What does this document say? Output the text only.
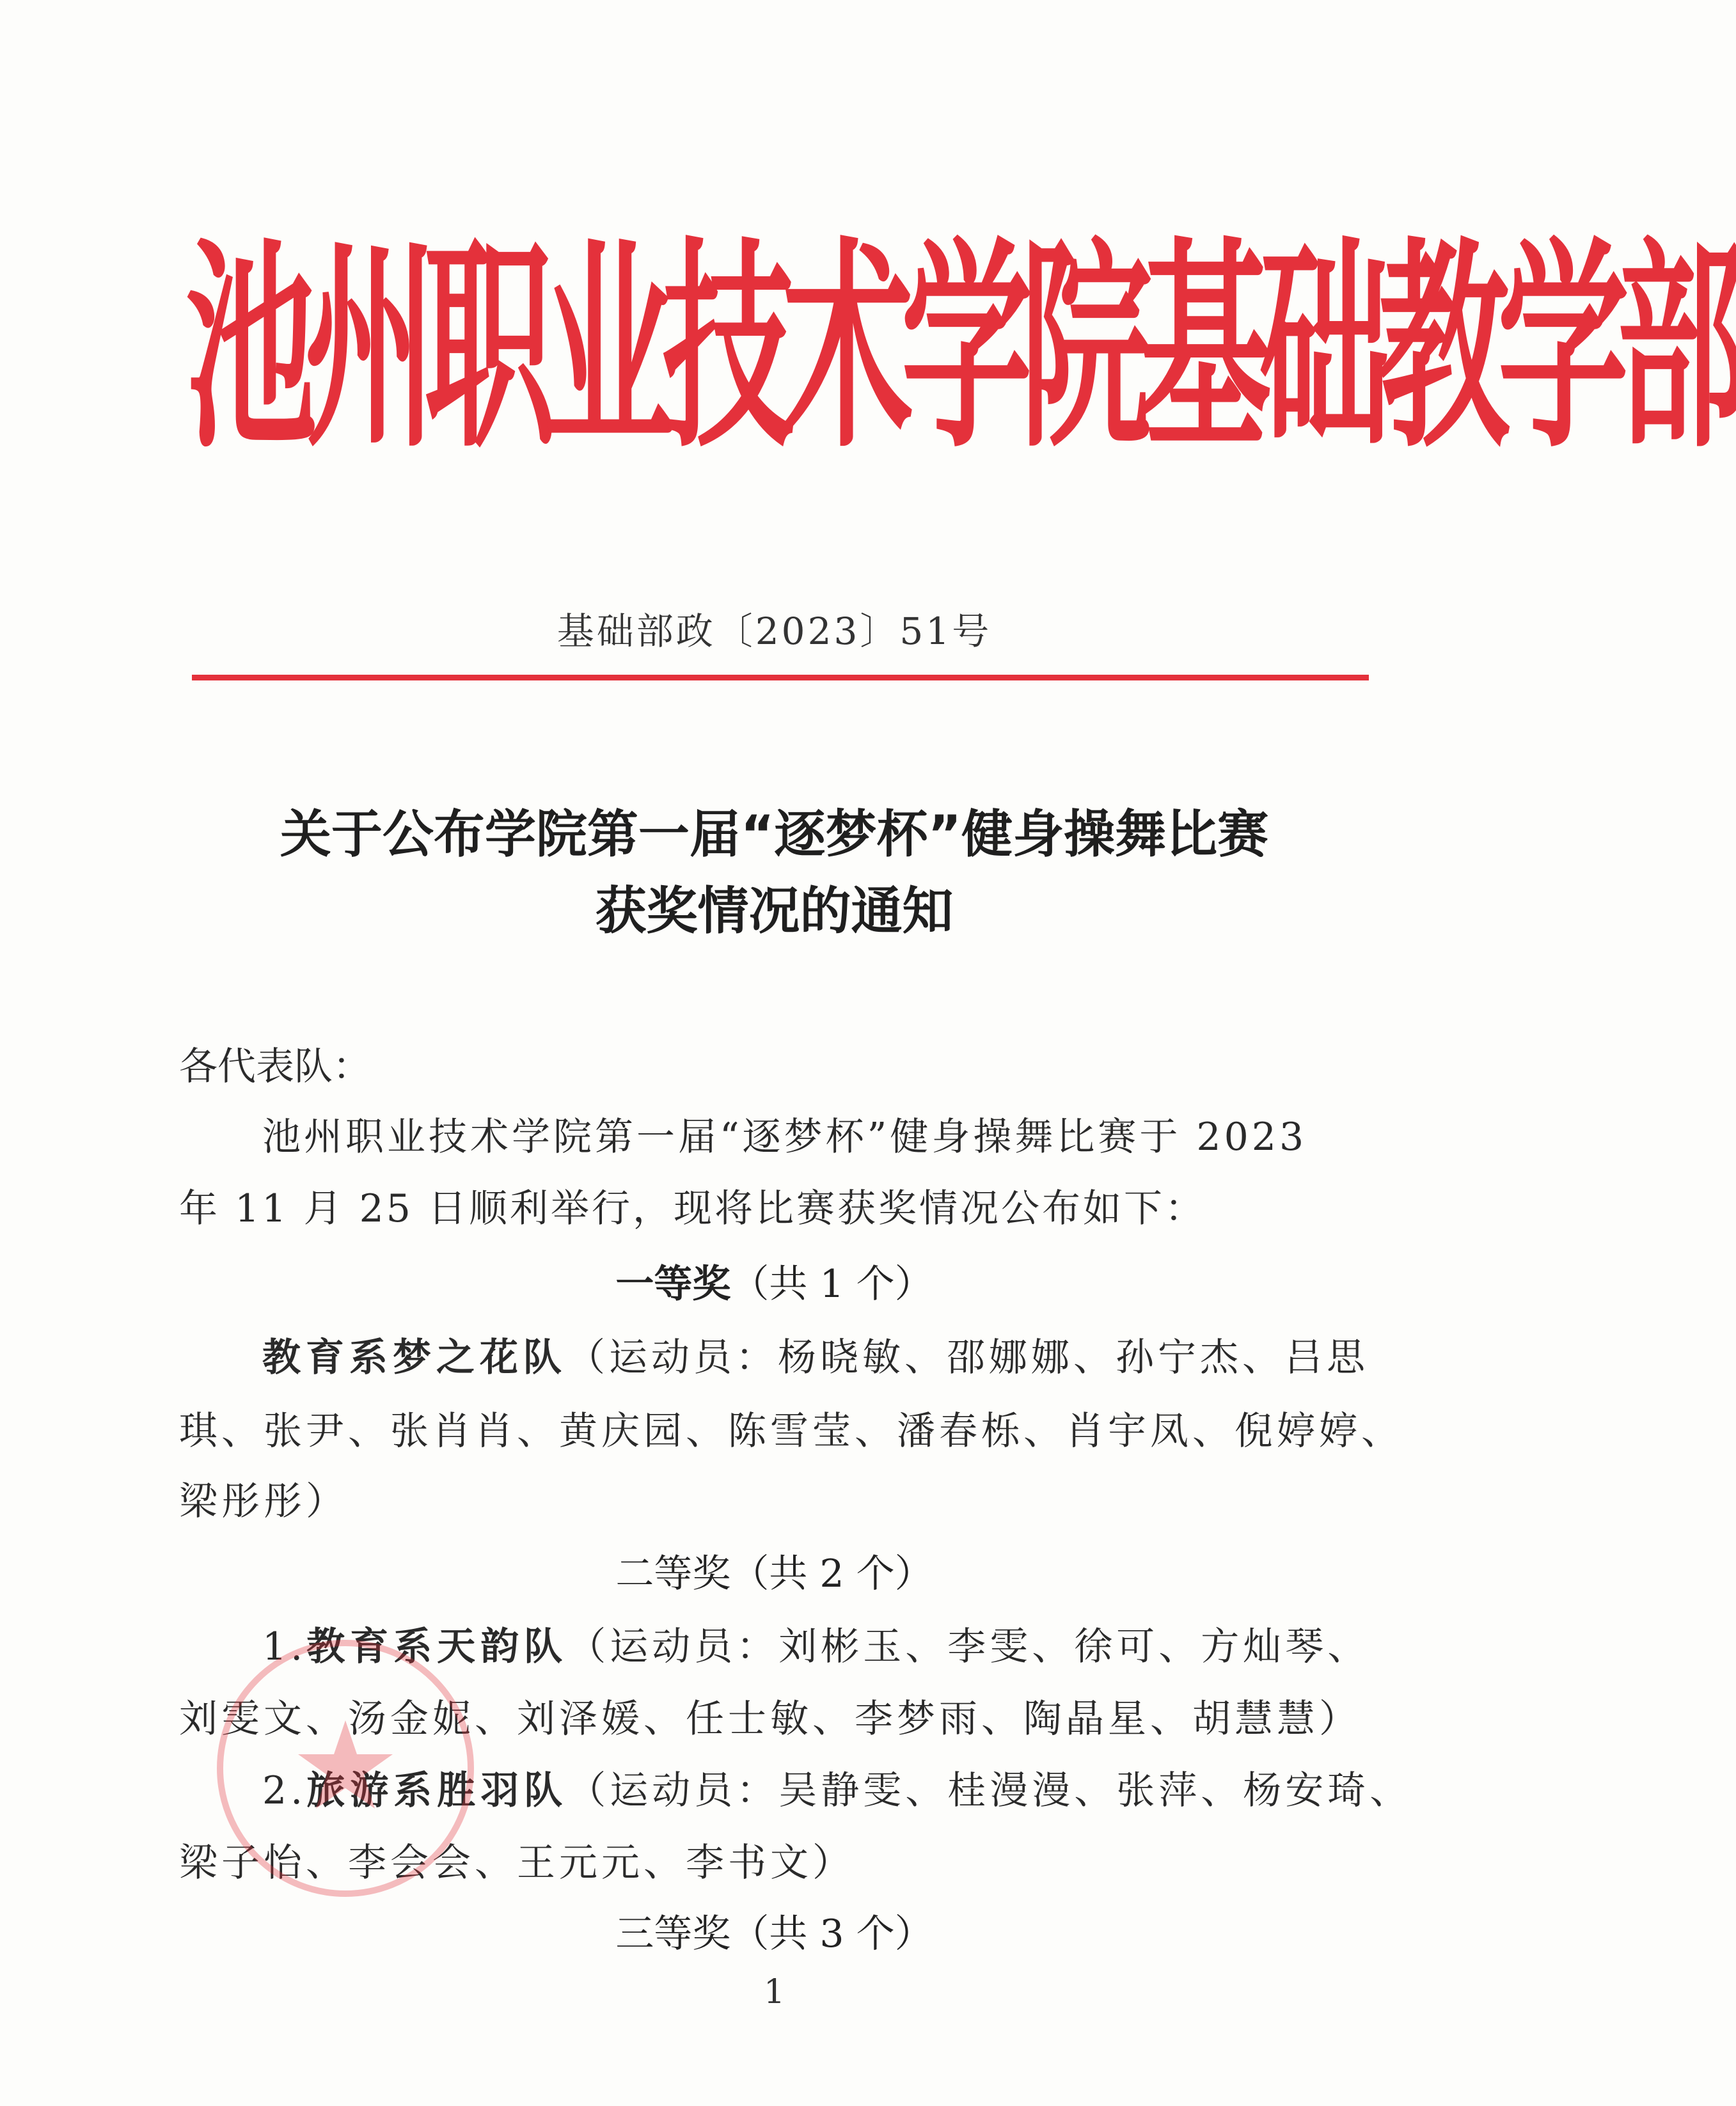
池州职业技术学院基础教学部
基础部政〔2023〕51号
关于公布学院第一届“逐梦杯”健身操舞比赛
获奖情况的通知
各代表队：
池州职业技术学院第一届“逐梦杯”健身操舞比赛于 2023
年 11 月 25 日顺利举行，现将比赛获奖情况公布如下：
一等奖（共 1 个）
教育系梦之花队（运动员：杨晓敏、邵娜娜、孙宁杰、吕思
琪、张尹、张肖肖、黄庆园、陈雪莹、潘春栎、肖宇凤、倪婷婷、
梁彤彤）
二等奖（共 2 个）
1.教育系天韵队（运动员：刘彬玉、李雯、徐可、方灿琴、
刘雯文、汤金妮、刘泽媛、任士敏、李梦雨、陶晶星、胡慧慧）
2.旅游系胜羽队（运动员：吴静雯、桂漫漫、张萍、杨安琦、
梁子怡、李会会、王元元、李书文）
三等奖（共 3 个）
1
